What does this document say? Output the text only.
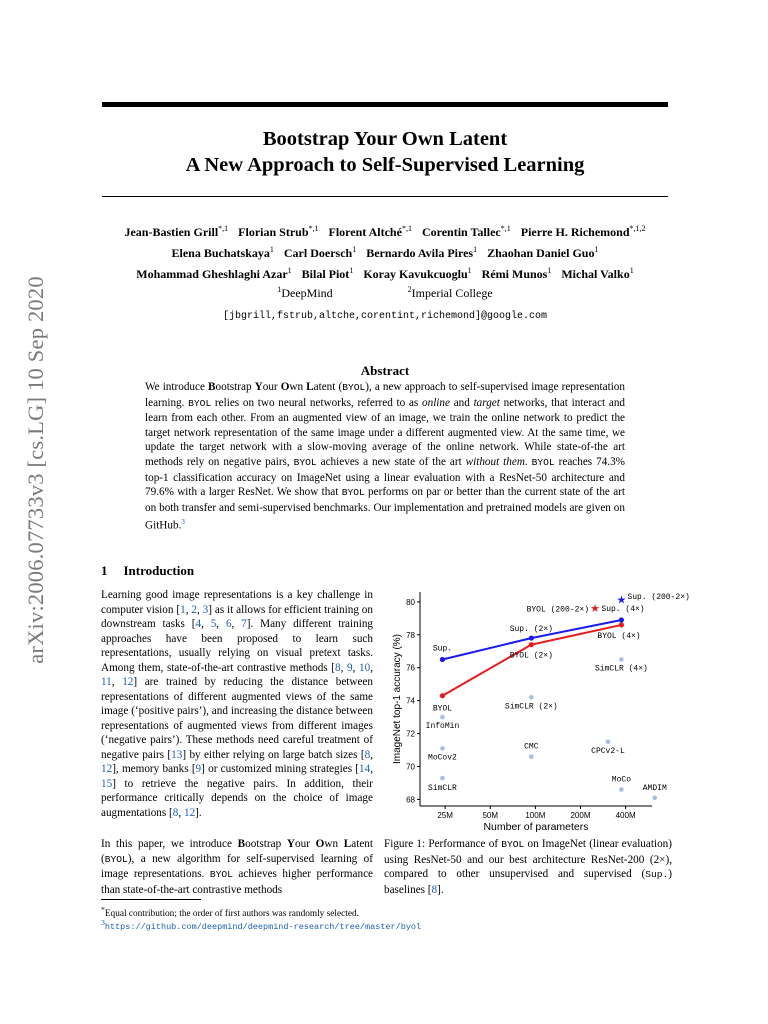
Bootstrap Your Own Latent
A New Approach to Self-Supervised Learning
arXiv:2006.07733v3 [cs.LG] 10 Sep 2020
Jean-Bastien Grill$^{*,1}$ Florian Strub$^{*,1}$ Florent Altché$^{*,1}$ Corentin Tallec$^{*,1}$ Pierre H. Richemond$^{*,1,2}$
Elena Buchatskaya$^1$ Carl Doersch$^1$ Bernardo Avila Pires$^1$ Zhaohan Daniel Guo$^1$
Mohammad Gheshlaghi Azar$^1$ Bilal Piot$^1$ Koray Kavukcuoglu$^1$ Rémi Munos$^1$ Michal Valko$^1$
$^1$DeepMind	$^2$Imperial College
[jbgrill,fstrub,altche,corentint,richemond]@google.com
Abstract
We introduce Bootstrap Your Own Latent (BYOL), a new approach to self-supervised image representation learning. BYOL relies on two neural networks, referred to as online and target networks, that interact and learn from each other. From an augmented view of an image, we train the online network to predict the target network representation of the same image under a different augmented view. At the same time, we update the target network with a slow-moving average of the online network. While state-of-the art methods rely on negative pairs, BYOL achieves a new state of the art without them. BYOL reaches 74.3% top-1 classification accuracy on ImageNet using a linear evaluation with a ResNet-50 architecture and 79.6% with a larger ResNet. We show that BYOL performs on par or better than the current state of the art on both transfer and semi-supervised benchmarks. Our implementation and pretrained models are given on GitHub.$^3$
1 Introduction
Learning good image representations is a key challenge in computer vision [1, 2, 3] as it allows for efficient training on downstream tasks [4, 5, 6, 7]. Many different training approaches have been proposed to learn such representations, usually relying on visual pretext tasks. Among them, state-of-the-art contrastive methods [8, 9, 10, 11, 12] are trained by reducing the distance between representations of different augmented views of the same image (‘positive pairs’), and increasing the distance between representations of augmented views from different images (‘negative pairs’). These methods need careful treatment of negative pairs [13] by either relying on large batch sizes [8, 12], memory banks [9] or customized mining strategies [14, 15] to retrieve the negative pairs. In addition, their performance critically depends on the choice of image augmentations [8, 12].
In this paper, we introduce Bootstrap Your Own Latent (BYOL), a new algorithm for self-supervised learning of image representations. BYOL achieves higher performance than state-of-the-art contrastive methods
68
70
72
74
76
78
80
25M	50M	100M	200M	400M
Number of parameters
ImageNet top-1 accuracy (%)
★
★
Sup.
Sup. (2×)
Sup. (4×)
BYOL
BYOL (2×)
BYOL (4×)
InfoMin
MoCov2
SimCLR
SimCLR (2×)
CMC
SimCLR (4×)
CPCv2-L
MoCo
AMDIM
BYOL (200-2×)
Sup. (200-2×)
Figure 1: Performance of BYOL on ImageNet (linear evaluation) using ResNet-50 and our best architecture ResNet-200 (2×), compared to other unsupervised and supervised (Sup.) baselines [8].
*Equal contribution; the order of first authors was randomly selected.
$^3$https://github.com/deepmind/deepmind-research/tree/master/byol
